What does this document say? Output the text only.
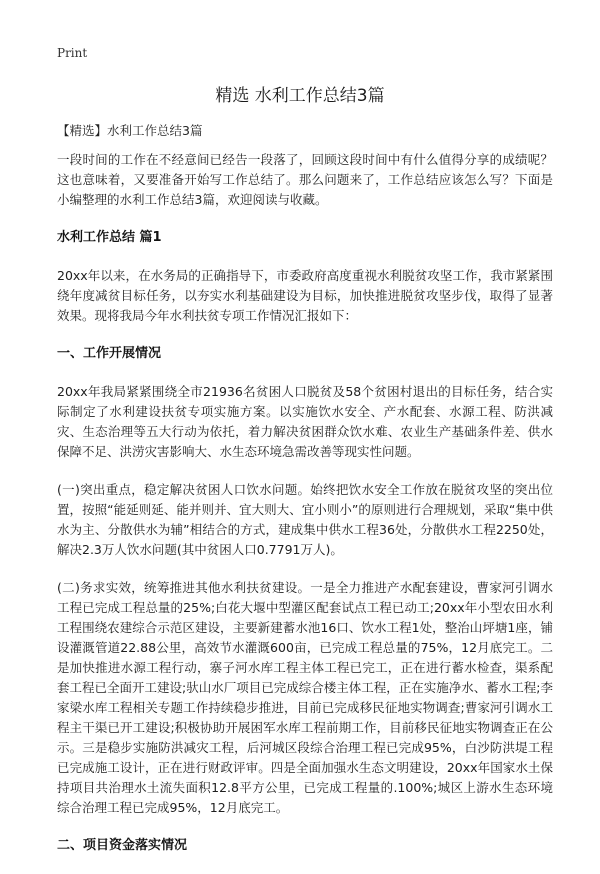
Print
精选 水利工作总结3篇
【精选】水利工作总结3篇

一段时间的工作在不经意间已经告一段落了，回顾这段时间中有什么值得分享的成绩呢？这也意味着，又要准备开始写工作总结了。那么问题来了，工作总结应该怎么写？下面是小编整理的水利工作总结3篇，欢迎阅读与收藏。

水利工作总结 篇1

20xx年以来，在水务局的正确指导下，市委政府高度重视水利脱贫攻坚工作，我市紧紧围绕年度减贫目标任务，以夯实水利基础建设为目标，加快推进脱贫攻坚步伐，取得了显著效果。现将我局今年水利扶贫专项工作情况汇报如下：

一、工作开展情况

20xx年我局紧紧围绕全市21936名贫困人口脱贫及58个贫困村退出的目标任务，结合实际制定了水利建设扶贫专项实施方案。以实施饮水安全、产水配套、水源工程、防洪减灾、生态治理等五大行动为依托，着力解决贫困群众饮水难、农业生产基础条件差、供水保障不足、洪涝灾害影响大、水生态环境急需改善等现实性问题。

(一)突出重点，稳定解决贫困人口饮水问题。始终把饮水安全工作放在脱贫攻坚的突出位置，按照“能延则延、能并则并、宜大则大、宜小则小”的原则进行合理规划，采取“集中供水为主、分散供水为辅”相结合的方式，建成集中供水工程36处，分散供水工程2250处，解决2.3万人饮水问题(其中贫困人口0.7791万人)。

(二)务求实效，统筹推进其他水利扶贫建设。一是全力推进产水配套建设，曹家河引调水工程已完成工程总量的25%;白花大堰中型灌区配套试点工程已动工;20xx年小型农田水利工程围绕农建综合示范区建设，主要新建蓄水池16口、饮水工程1处，整治山坪塘1座，铺设灌溉管道22.88公里，高效节水灌溉600亩，已完成工程总量的75%，12月底完工。二是加快推进水源工程行动，寨子河水库工程主体工程已完工，正在进行蓄水检查，渠系配套工程已全面开工建设;驮山水厂项目已完成综合楼主体工程，正在实施净水、蓄水工程;李家梁水库工程相关专题工作持续稳步推进，目前已完成移民征地实物调查;曹家河引调水工程主干渠已开工建设;积极协助开展困军水库工程前期工作，目前移民征地实物调查正在公示。三是稳步实施防洪减灾工程，后河城区段综合治理工程已完成95%，白沙防洪堤工程已完成施工设计，正在进行财政评审。四是全面加强水生态文明建设，20xx年国家水土保持项目共治理水土流失面积12.8平方公里，已完成工程量的.100%;城区上游水生态环境综合治理工程已完成95%，12月底完工。

二、项目资金落实情况
